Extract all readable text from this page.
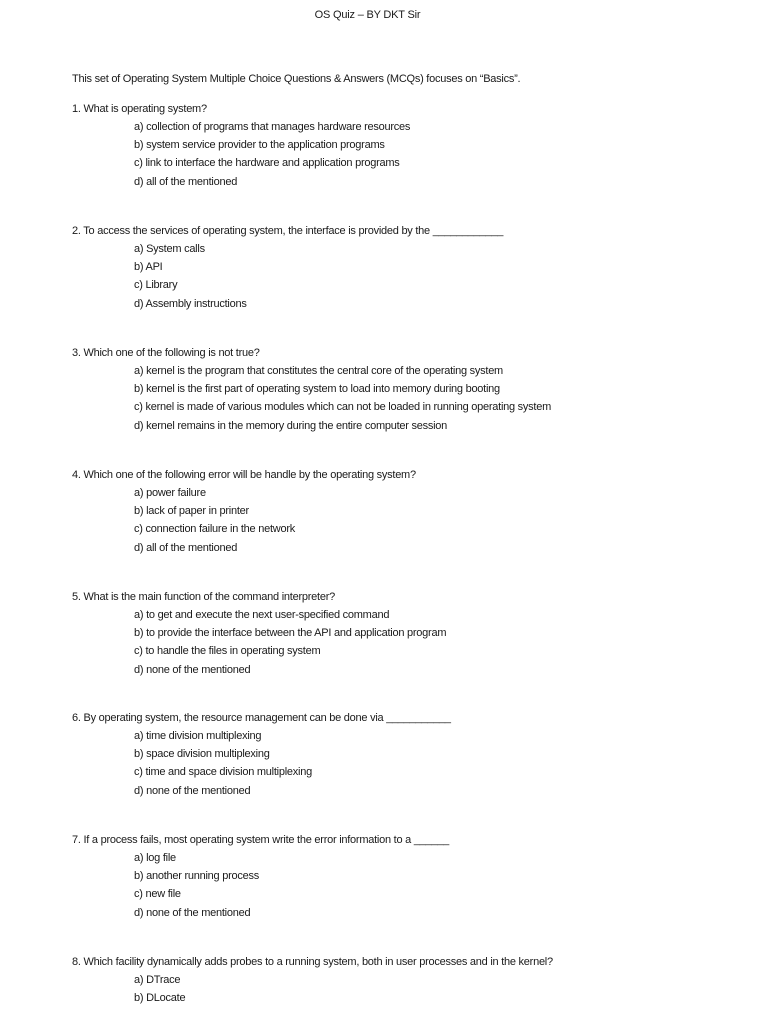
OS Quiz – BY DKT Sir
This set of Operating System Multiple Choice Questions & Answers (MCQs) focuses on “Basics”.
1. What is operating system?
a) collection of programs that manages hardware resources
b) system service provider to the application programs
c) link to interface the hardware and application programs
d) all of the mentioned
2. To access the services of operating system, the interface is provided by the ____________
a) System calls
b) API
c) Library
d) Assembly instructions
3. Which one of the following is not true?
a) kernel is the program that constitutes the central core of the operating system
b) kernel is the first part of operating system to load into memory during booting
c) kernel is made of various modules which can not be loaded in running operating system
d) kernel remains in the memory during the entire computer session
4. Which one of the following error will be handle by the operating system?
a) power failure
b) lack of paper in printer
c) connection failure in the network
d) all of the mentioned
5. What is the main function of the command interpreter?
a) to get and execute the next user-specified command
b) to provide the interface between the API and application program
c) to handle the files in operating system
d) none of the mentioned
6. By operating system, the resource management can be done via ___________
a) time division multiplexing
b) space division multiplexing
c) time and space division multiplexing
d) none of the mentioned
7. If a process fails, most operating system write the error information to a ______
a) log file
b) another running process
c) new file
d) none of the mentioned
8. Which facility dynamically adds probes to a running system, both in user processes and in the kernel?
a) DTrace
b) DLocate
